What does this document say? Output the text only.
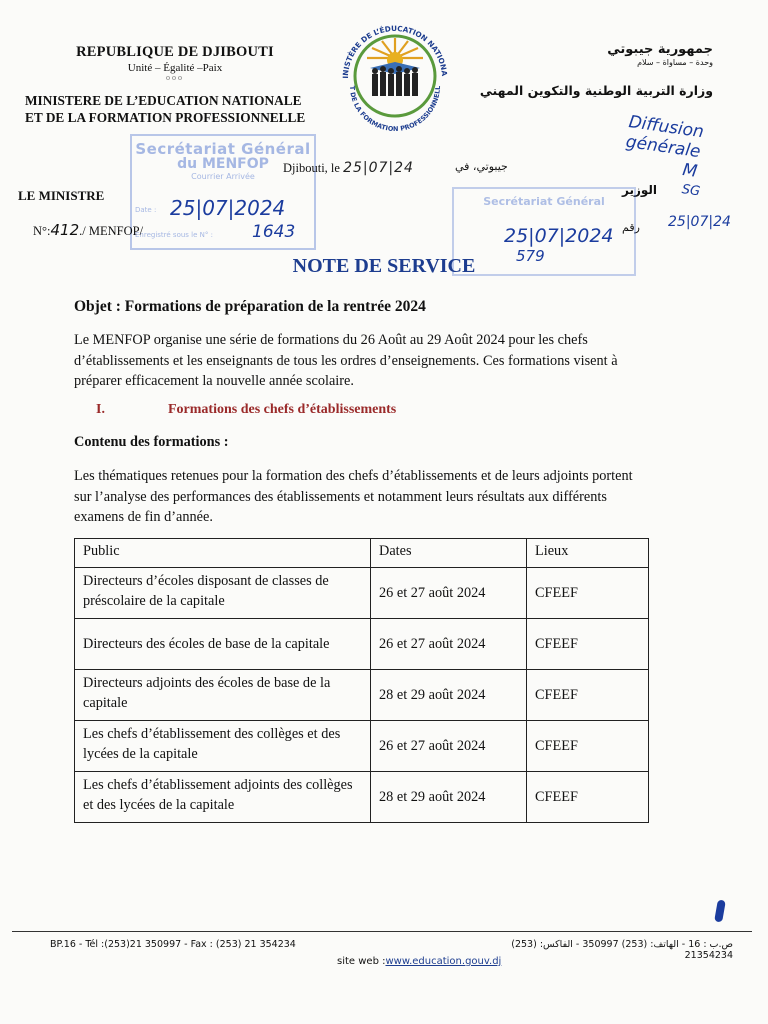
REPUBLIQUE DE DJIBOUTI
Unité – Égalité –Paix
ooo
MINISTERE DE L’EDUCATION NATIONALE
ET DE LA FORMATION PROFESSIONNELLE
INISTÈRE DE L’ÉDUCATION NATIONA
T DE LA FORMATION PROFESSIONNELL
جمهورية جيبوتي
وحدة – مساواة – سلام
وزارة التربية الوطنية والتكوين المهني
Secrétariat Général
du MENFOP
Courrier Arrivée
Date :
Enregistré sous le N° :
25|07|2024
1643
Djibouti, le 25|07|24	جيبوتي، في
LE MINISTRE	الوزير
N°:412./ MENFOP/	رقم
Secrétariat Général
25|07|2024
579
Diffusion générale
M
SG
25|07|24
NOTE DE SERVICE
Objet : Formations de préparation de la rentrée 2024
Le MENFOP organise une série de formations du 26 Août au 29 Août 2024 pour les chefs d’établissements et les enseignants de tous les ordres d’enseignements. Ces formations visent à préparer efficacement la nouvelle année scolaire.
I.	Formations des chefs d’établissements
Contenu des formations :
Les thématiques retenues pour la formation des chefs d’établissements et de leurs adjoints portent sur l’analyse des performances des établissements et notamment leurs résultats aux différents examens de fin d’année.
Public	Dates	Lieux
Directeurs d’écoles disposant de classes de préscolaire de la capitale	26 et 27 août 2024	CFEEF
Directeurs des écoles de base de la capitale	26 et 27 août 2024	CFEEF
Directeurs adjoints des écoles de base de la capitale	28 et 29 août 2024	CFEEF
Les chefs d’établissement des collèges et des lycées de la capitale	26 et 27 août 2024	CFEEF
Les chefs d’établissement adjoints des collèges et des lycées de la capitale	28 et 29 août 2024	CFEEF
BP.16 - Tél :(253)21 350997 - Fax : (253) 21 354234	ص.ب : 16 - الهاتف: (253) 350997 - الفاكس: (253) 21354234
site web :www.education.gouv.dj
